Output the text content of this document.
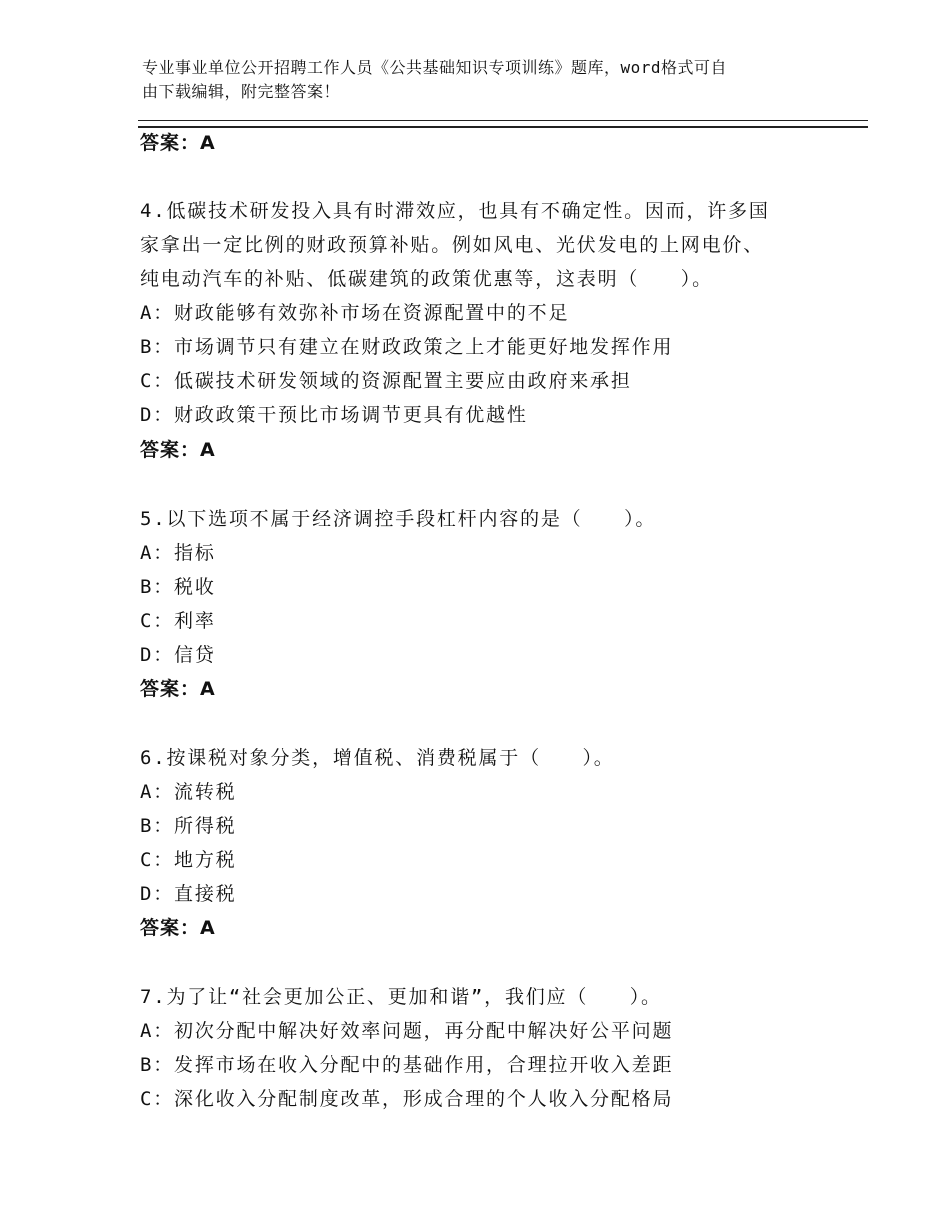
专业事业单位公开招聘工作人员《公共基础知识专项训练》题库，word格式可自
由下载编辑，附完整答案！
答案：A
4.低碳技术研发投入具有时滞效应，也具有不确定性。因而，许多国
家拿出一定比例的财政预算补贴。例如风电、光伏发电的上网电价、
纯电动汽车的补贴、低碳建筑的政策优惠等，这表明（　　）。
A：财政能够有效弥补市场在资源配置中的不足
B：市场调节只有建立在财政政策之上才能更好地发挥作用
C：低碳技术研发领域的资源配置主要应由政府来承担
D：财政政策干预比市场调节更具有优越性
答案：A
5.以下选项不属于经济调控手段杠杆内容的是（　　）。
A：指标
B：税收
C：利率
D：信贷
答案：A
6.按课税对象分类，增值税、消费税属于（　　）。
A：流转税
B：所得税
C：地方税
D：直接税
答案：A
7.为了让“社会更加公正、更加和谐”，我们应（　　）。
A：初次分配中解决好效率问题，再分配中解决好公平问题
B：发挥市场在收入分配中的基础作用，合理拉开收入差距
C：深化收入分配制度改革，形成合理的个人收入分配格局
